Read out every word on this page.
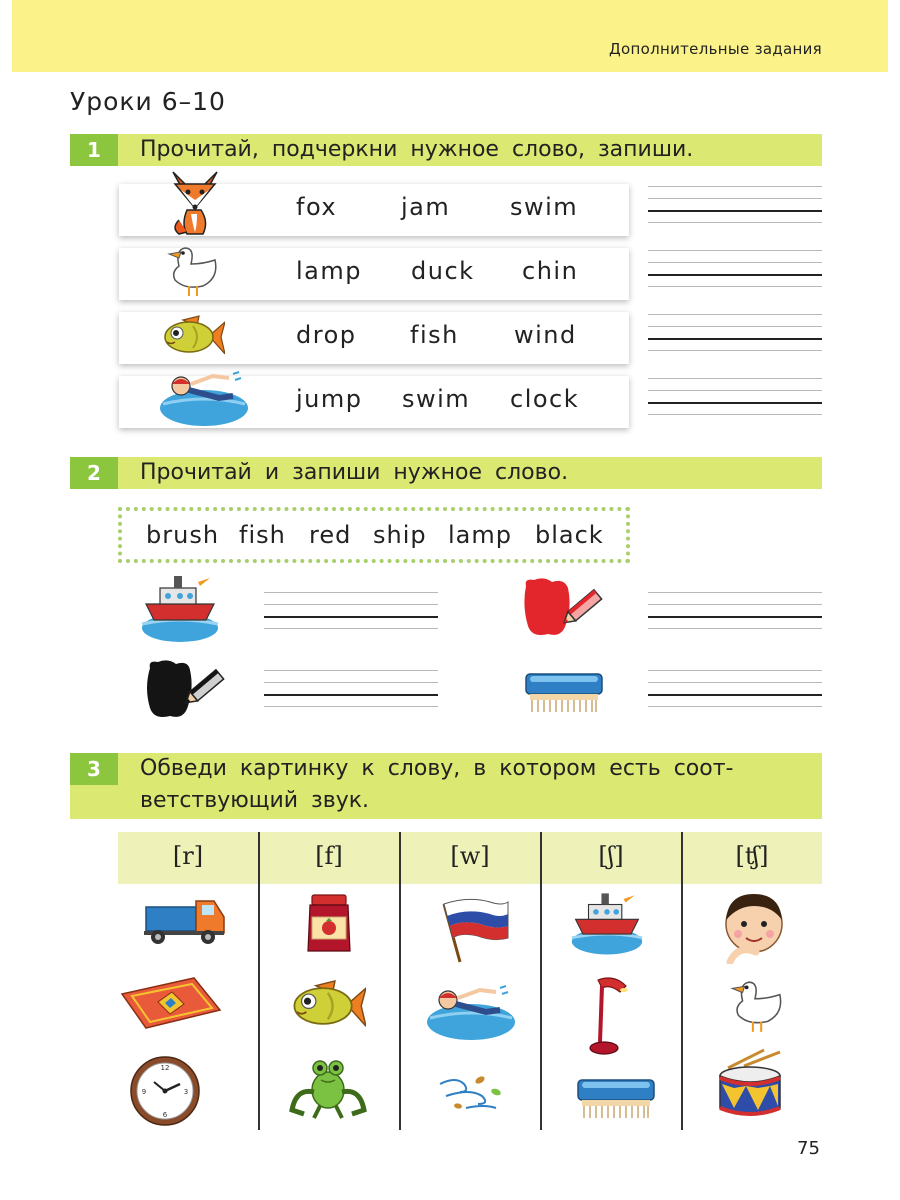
Дополнительные задания
Уроки 6–10
1	Прочитай, подчеркни нужное слово, запиши.
fox	jam swim
lamp duck chin
drop fish wind
jump swim clock
2	Прочитай и запиши нужное слово.
brush fish red ship lamp black
3	Обведи картинку к слову, в котором есть соот-
ветствующий звук.
[r]	[f]	[w]	[ʃ]	[ʧ]
12
3
6
9
75
